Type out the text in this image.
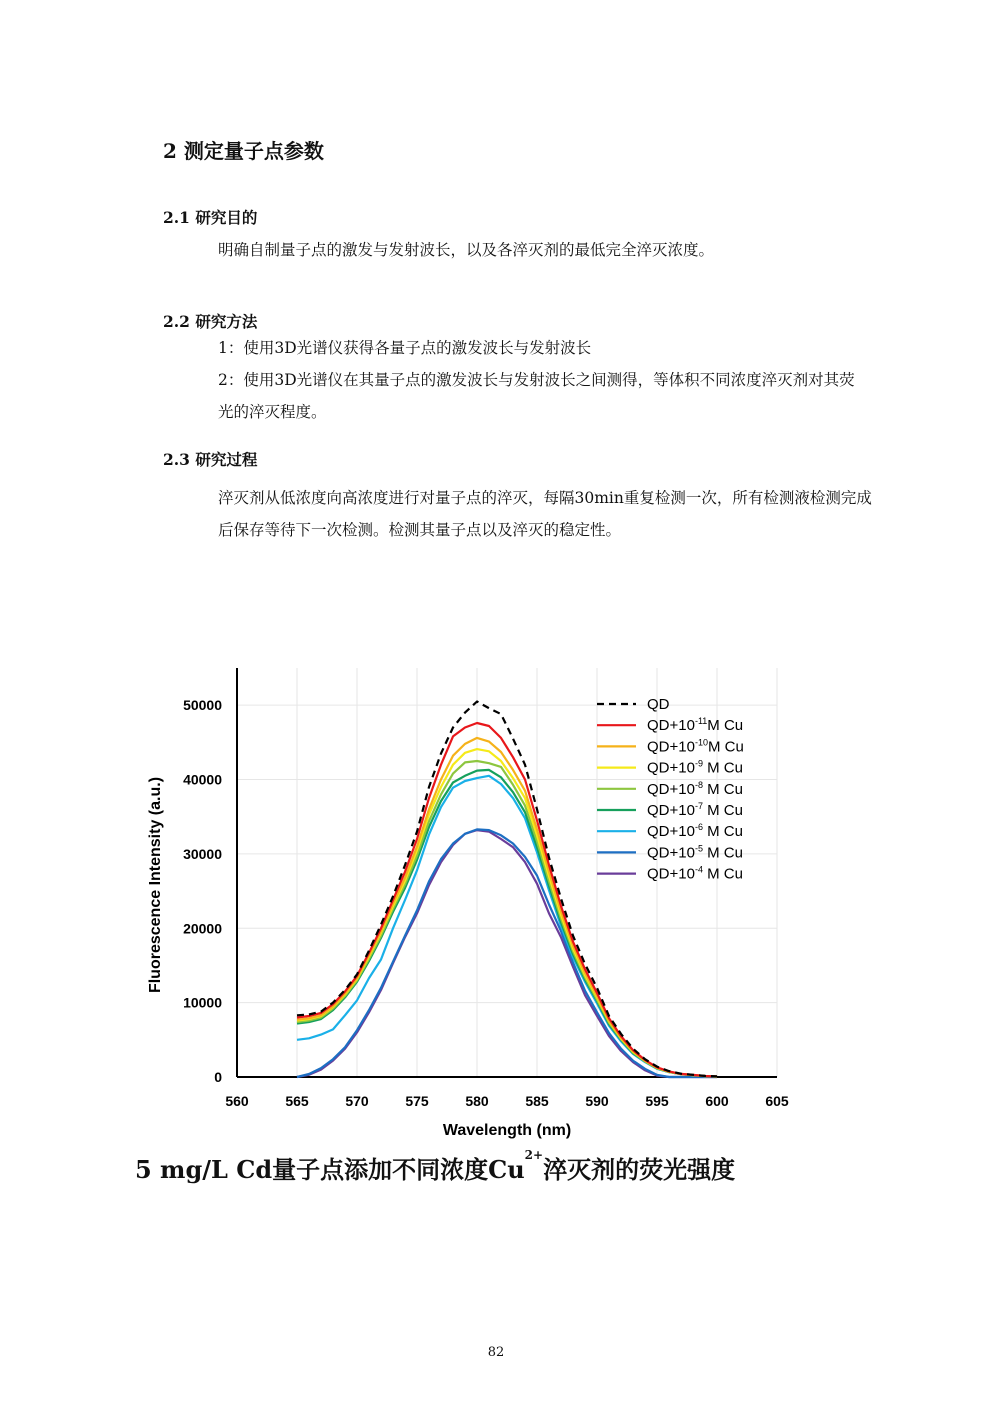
2 测定量子点参数
2.1 研究目的
明确自制量子点的激发与发射波长，以及各淬灭剂的最低完全淬灭浓度。
2.2 研究方法
1：使用3D光谱仪获得各量子点的激发波长与发射波长
2：使用3D光谱仪在其量子点的激发波长与发射波长之间测得，等体积不同浓度淬灭剂对其荧光的淬灭程度。
2.3 研究过程
淬灭剂从低浓度向高浓度进行对量子点的淬灭，每隔30min重复检测一次，所有检测液检测完成后保存等待下一次检测。检测其量子点以及淬灭的稳定性。
560	565	570	575	580	585	590	595	600	605
0
10000
20000
30000
40000
50000	QD
$QD+10^{-11}M$ Cu
$QD+10^{-10}M$ Cu
$QD+10^{-9}$ M Cu
$QD+10^{-8}$ M Cu
$QD+10^{-7}$ M Cu
$QD+10^{-6}$ M Cu
$QD+10^{-5}$ M Cu
$QD+10^{-4}$ M Cu
Wavelength (nm)
Fluorescence Intensity (a.u.)
5 mg/L Cd量子点添加不同浓度$Cu^{2+}$淬灭剂的荧光强度
82
